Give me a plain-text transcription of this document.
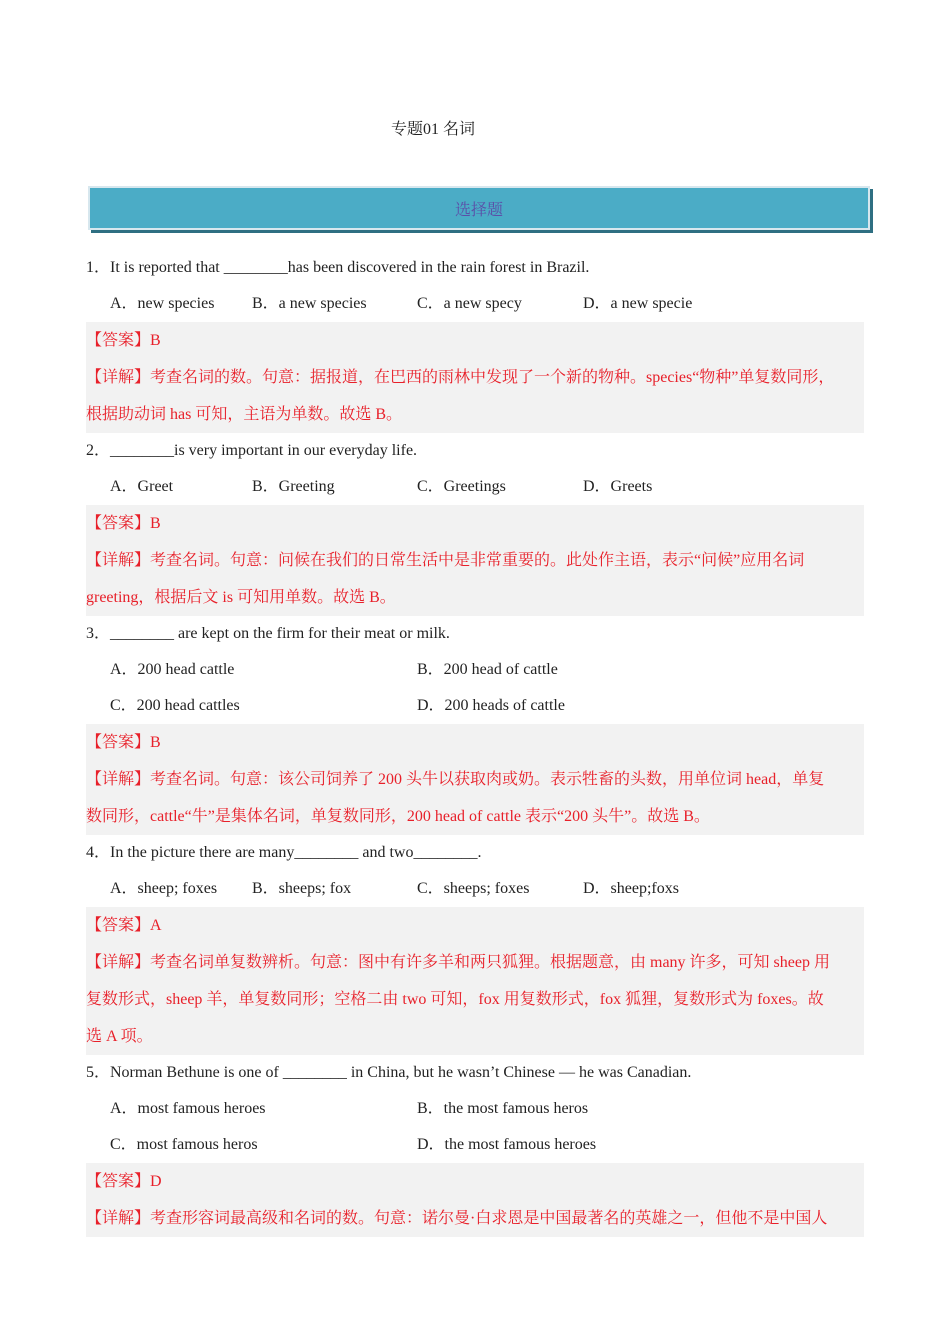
专题01 名词
选择题
1．It is reported that ________has been discovered in the rain forest in Brazil.
A．new species B．a new species	C．a new specy	D．a new specie
【答案】B
【详解】考查名词的数。句意：据报道，在巴西的雨林中发现了一个新的物种。species“物种”单复数同形，
根据助动词 has 可知，主语为单数。故选 B。
2．________is very important in our everyday life.
A．Greet	B．Greeting	C．Greetings	D．Greets
【答案】B
【详解】考查名词。句意：问候在我们的日常生活中是非常重要的。此处作主语，表示“问候”应用名词
greeting，根据后文 is 可知用单数。故选 B。
3．________ are kept on the firm for their meat or milk.
A．200 head cattle	B．200 head of cattle
C．200 head cattles	D．200 heads of cattle
【答案】B
【详解】考查名词。句意：该公司饲养了 200 头牛以获取肉或奶。表示牲畜的头数，用单位词 head，单复
数同形，cattle“牛”是集体名词，单复数同形，200 head of cattle 表示“200 头牛”。故选 B。
4．In the picture there are many________ and two________.
A．sheep; foxes B．sheeps; fox	C．sheeps; foxes	D．sheep;foxs
【答案】A
【详解】考查名词单复数辨析。句意：图中有许多羊和两只狐狸。根据题意，由 many 许多，可知 sheep 用
复数形式，sheep 羊，单复数同形；空格二由 two 可知，fox 用复数形式，fox 狐狸，复数形式为 foxes。故
选 A 项。
5．Norman Bethune is one of ________ in China, but he wasn’t Chinese — he was Canadian.
A．most famous heroes	B．the most famous heros
C．most famous heros	D．the most famous heroes
【答案】D
【详解】考查形容词最高级和名词的数。句意：诺尔曼·白求恩是中国最著名的英雄之一，但他不是中国人
